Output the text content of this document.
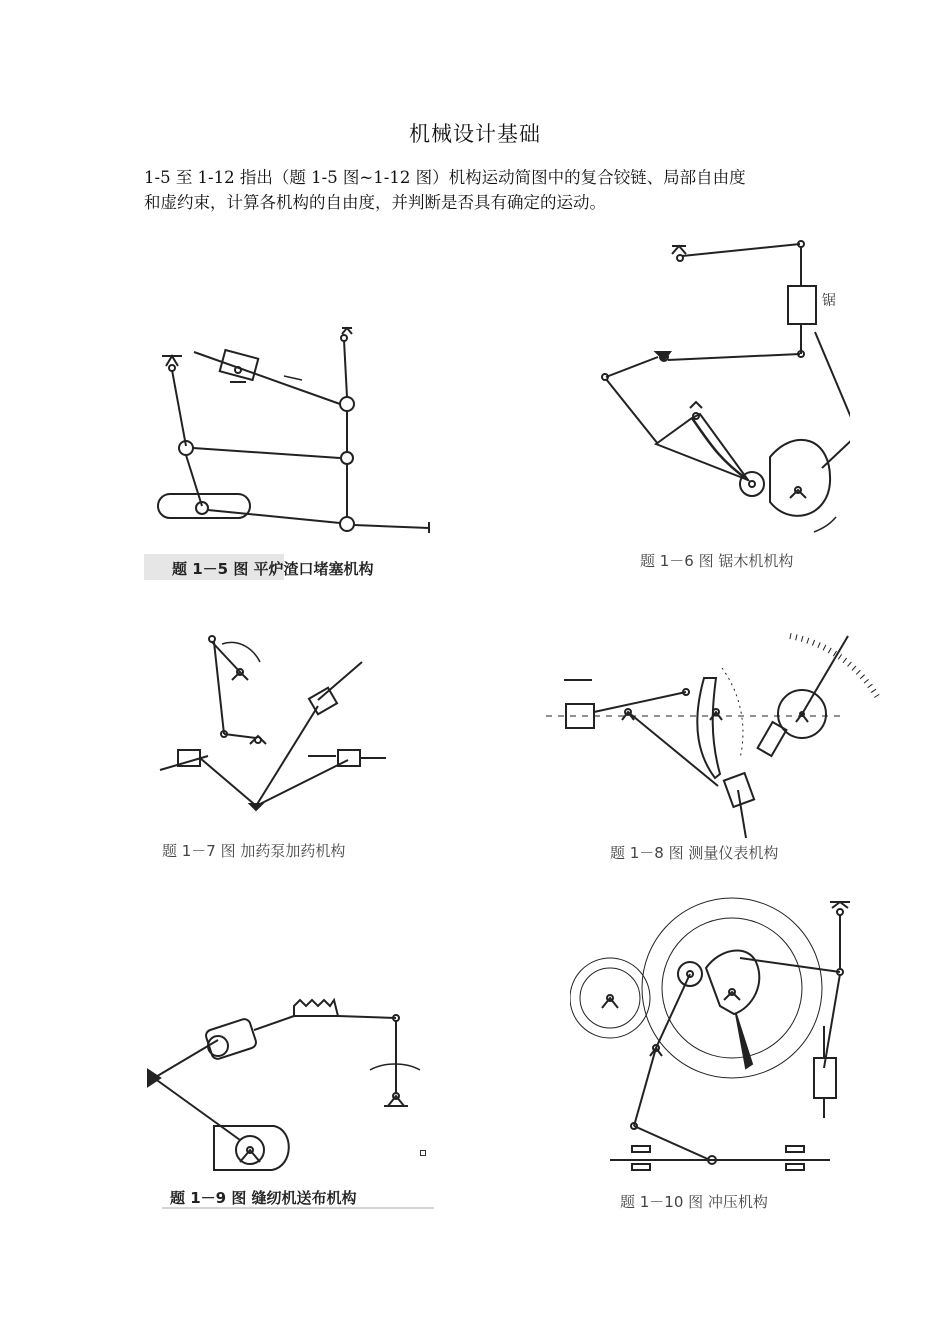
机械设计基础

1-5 至 1-12 指出（题 1-5 图~1-12 图）机构运动简图中的复合铰链、局部自由度

和虚约束，计算各机构的自由度，并判断是否具有确定的运动。

题 1－5 图 平炉渣口堵塞机构
锯
题 1－6 图 锯木机机构
题 1－7 图 加药泵加药机构	题 1－8 图 测量仪表机构
题 1－9 图 缝纫机送布机构	题 1－10 图 冲压机构
